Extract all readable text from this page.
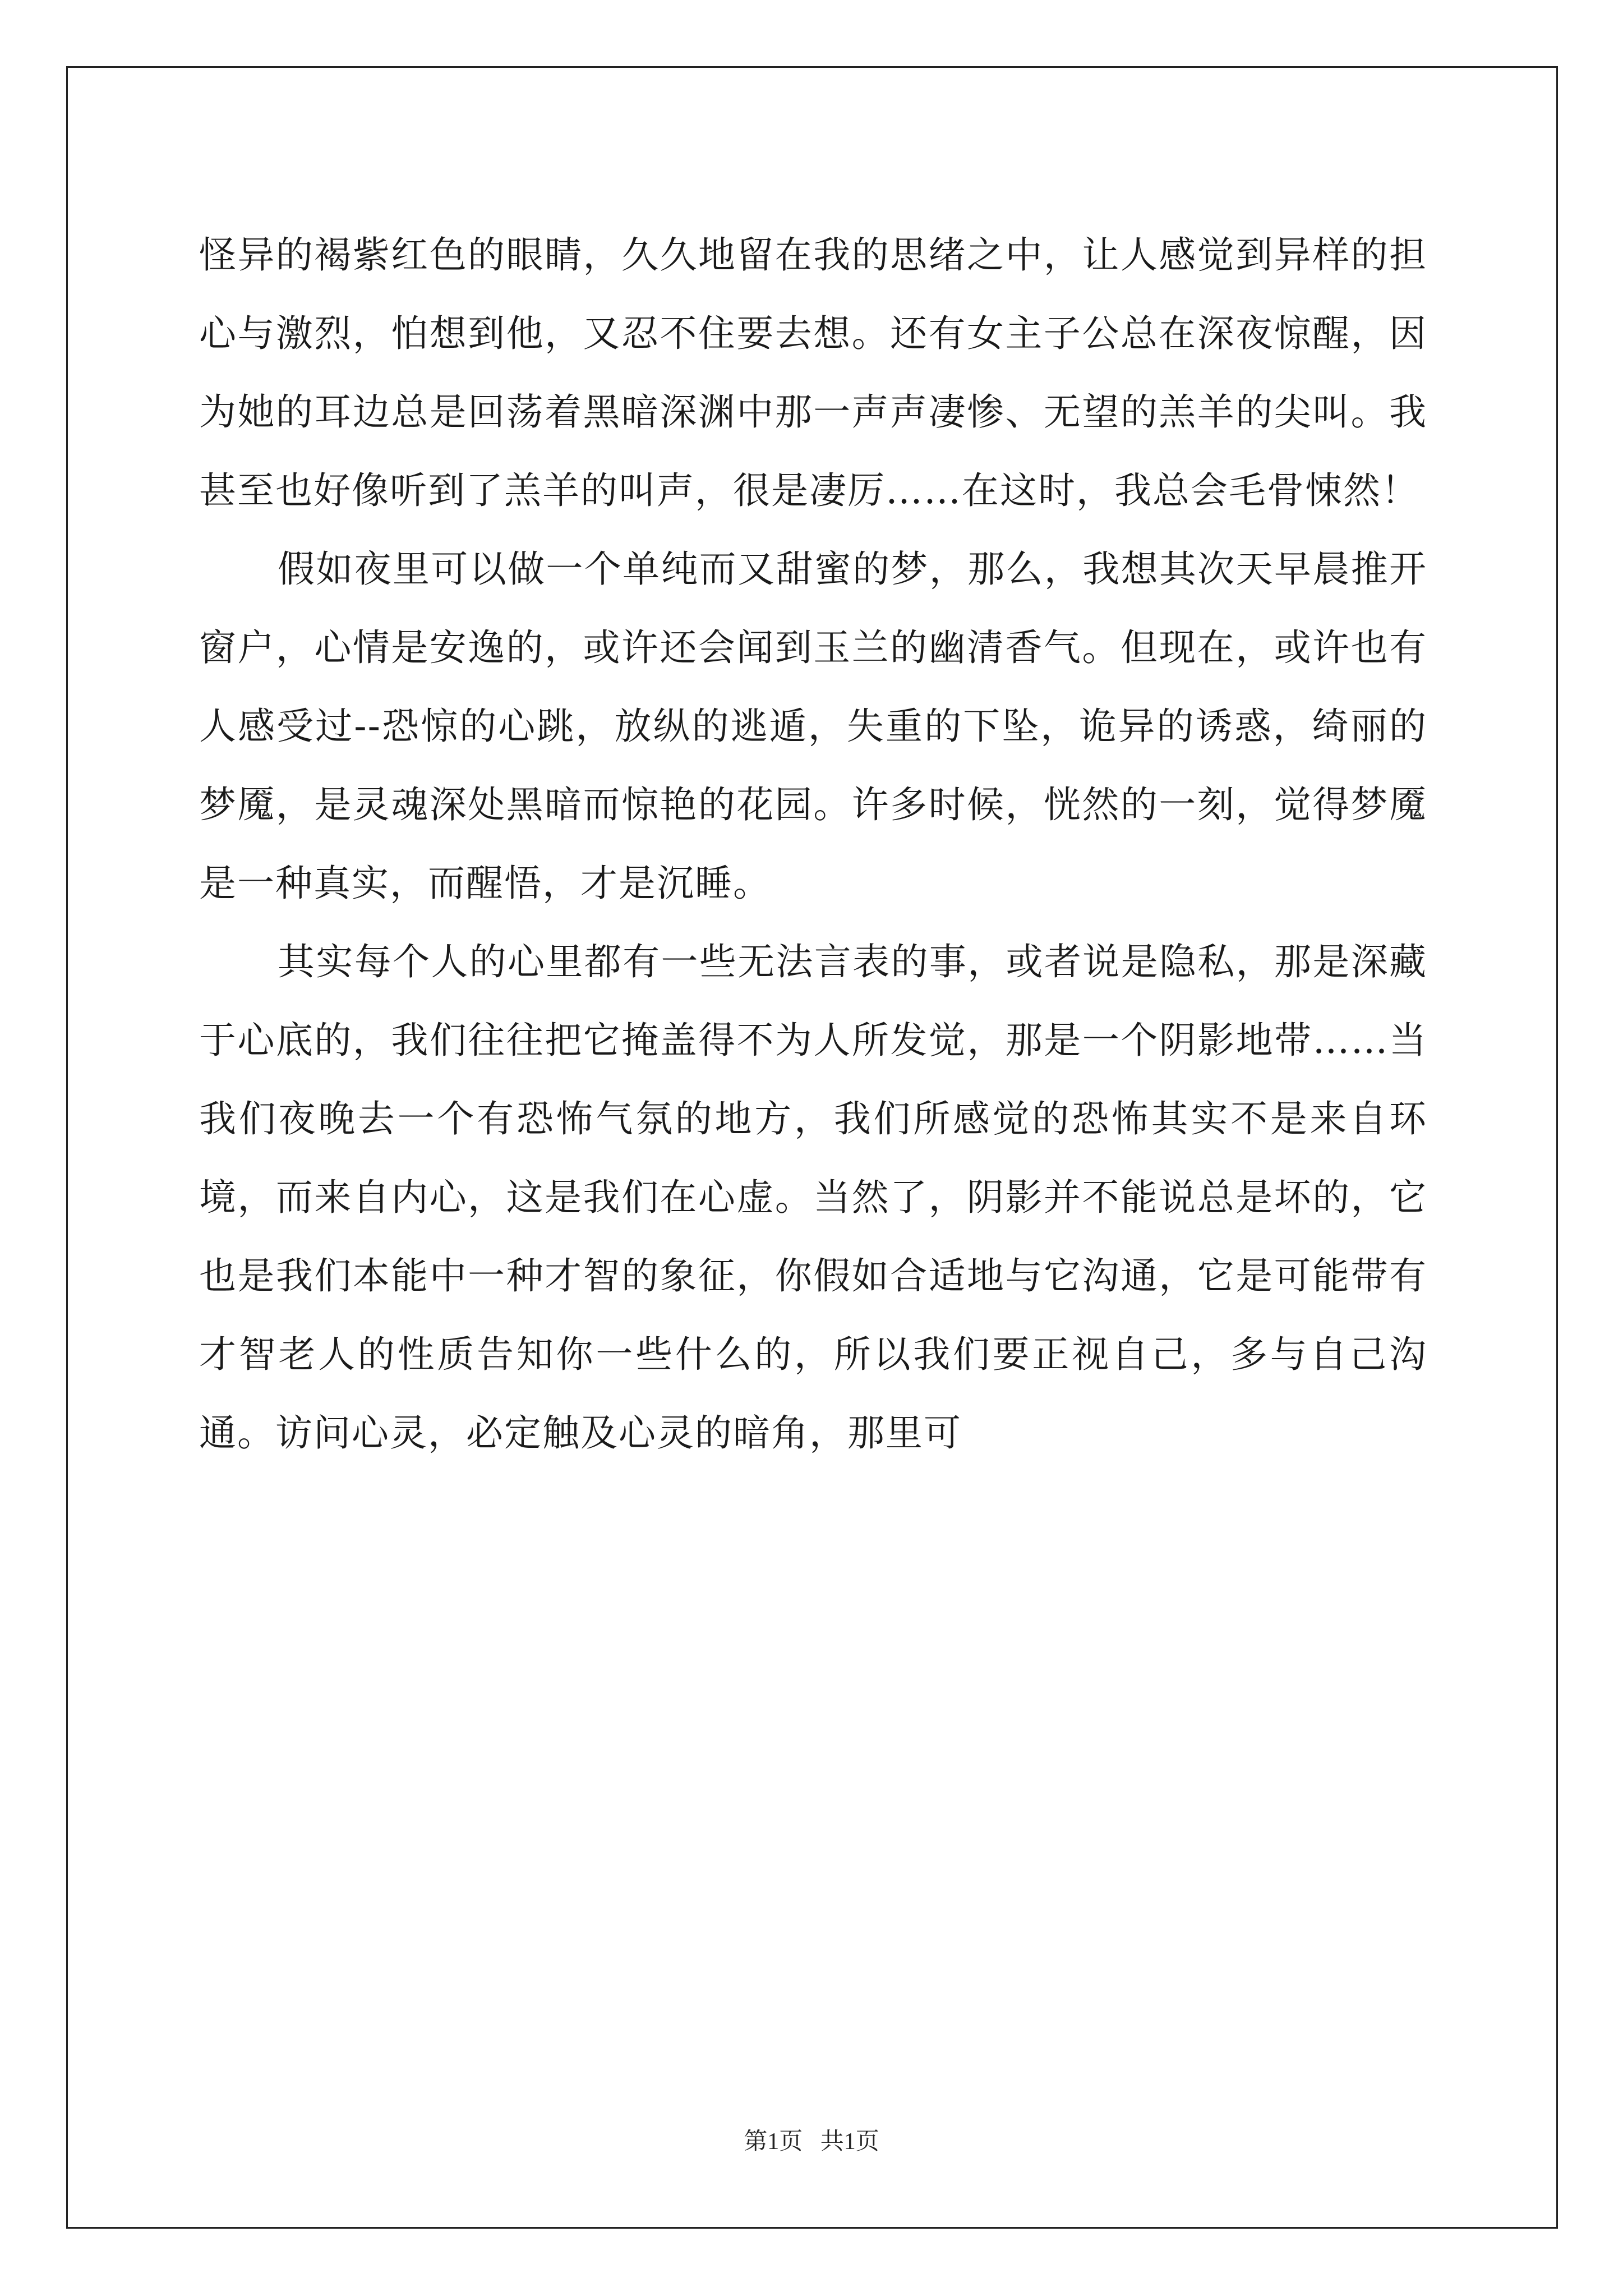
怪异的褐紫红色的眼睛，久久地留在我的思绪之中，让人感觉到异样的担心与激烈，怕想到他，又忍不住要去想。还有女主子公总在深夜惊醒，因为她的耳边总是回荡着黑暗深渊中那一声声凄惨、无望的羔羊的尖叫。我甚至也好像听到了羔羊的叫声，很是凄厉……在这时，我总会毛骨悚然！

假如夜里可以做一个单纯而又甜蜜的梦，那么，我想其次天早晨推开窗户，心情是安逸的，或许还会闻到玉兰的幽清香气。但现在，或许也有人感受过--恐惊的心跳，放纵的逃遁，失重的下坠，诡异的诱惑，绮丽的梦魇，是灵魂深处黑暗而惊艳的花园。许多时候，恍然的一刻，觉得梦魇是一种真实，而醒悟，才是沉睡。

其实每个人的心里都有一些无法言表的事，或者说是隐私，那是深藏于心底的，我们往往把它掩盖得不为人所发觉，那是一个阴影地带……当我们夜晚去一个有恐怖气氛的地方，我们所感觉的恐怖其实不是来自环境，而来自内心，这是我们在心虚。当然了，阴影并不能说总是坏的，它也是我们本能中一种才智的象征，你假如合适地与它沟通，它是可能带有才智老人的性质告知你一些什么的，所以我们要正视自己，多与自己沟通。访问心灵，必定触及心灵的暗角，那里可

第1页 共1页
